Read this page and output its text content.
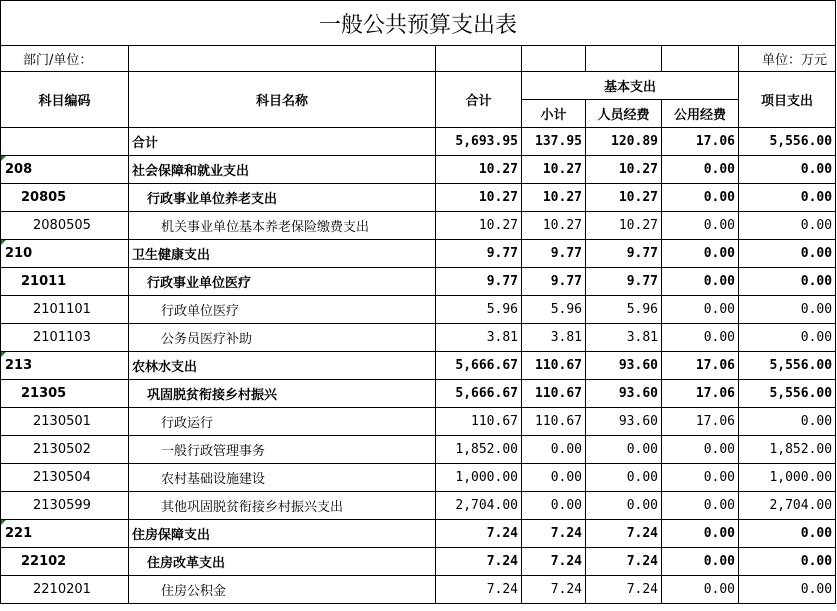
一般公共预算支出表						
部门/单位：						单位：万元
科目编码	科目名称	合计	基本支出			项目支出
			小计	人员经费	公用经费	
	合计	5,693.95	137.95	120.89	17.06	5,556.00
208	社会保障和就业支出	10.27	10.27	10.27	0.00	0.00
20805	行政事业单位养老支出	10.27	10.27	10.27	0.00	0.00
2080505	机关事业单位基本养老保险缴费支出	10.27	10.27	10.27	0.00	0.00
210	卫生健康支出	9.77	9.77	9.77	0.00	0.00
21011	行政事业单位医疗	9.77	9.77	9.77	0.00	0.00
2101101	行政单位医疗	5.96	5.96	5.96	0.00	0.00
2101103	公务员医疗补助	3.81	3.81	3.81	0.00	0.00
213	农林水支出	5,666.67	110.67	93.60	17.06	5,556.00
21305	巩固脱贫衔接乡村振兴	5,666.67	110.67	93.60	17.06	5,556.00
2130501	行政运行	110.67	110.67	93.60	17.06	0.00
2130502	一般行政管理事务	1,852.00	0.00	0.00	0.00	1,852.00
2130504	农村基础设施建设	1,000.00	0.00	0.00	0.00	1,000.00
2130599	其他巩固脱贫衔接乡村振兴支出	2,704.00	0.00	0.00	0.00	2,704.00
221	住房保障支出	7.24	7.24	7.24	0.00	0.00
22102	住房改革支出	7.24	7.24	7.24	0.00	0.00
2210201	住房公积金	7.24	7.24	7.24	0.00	0.00
